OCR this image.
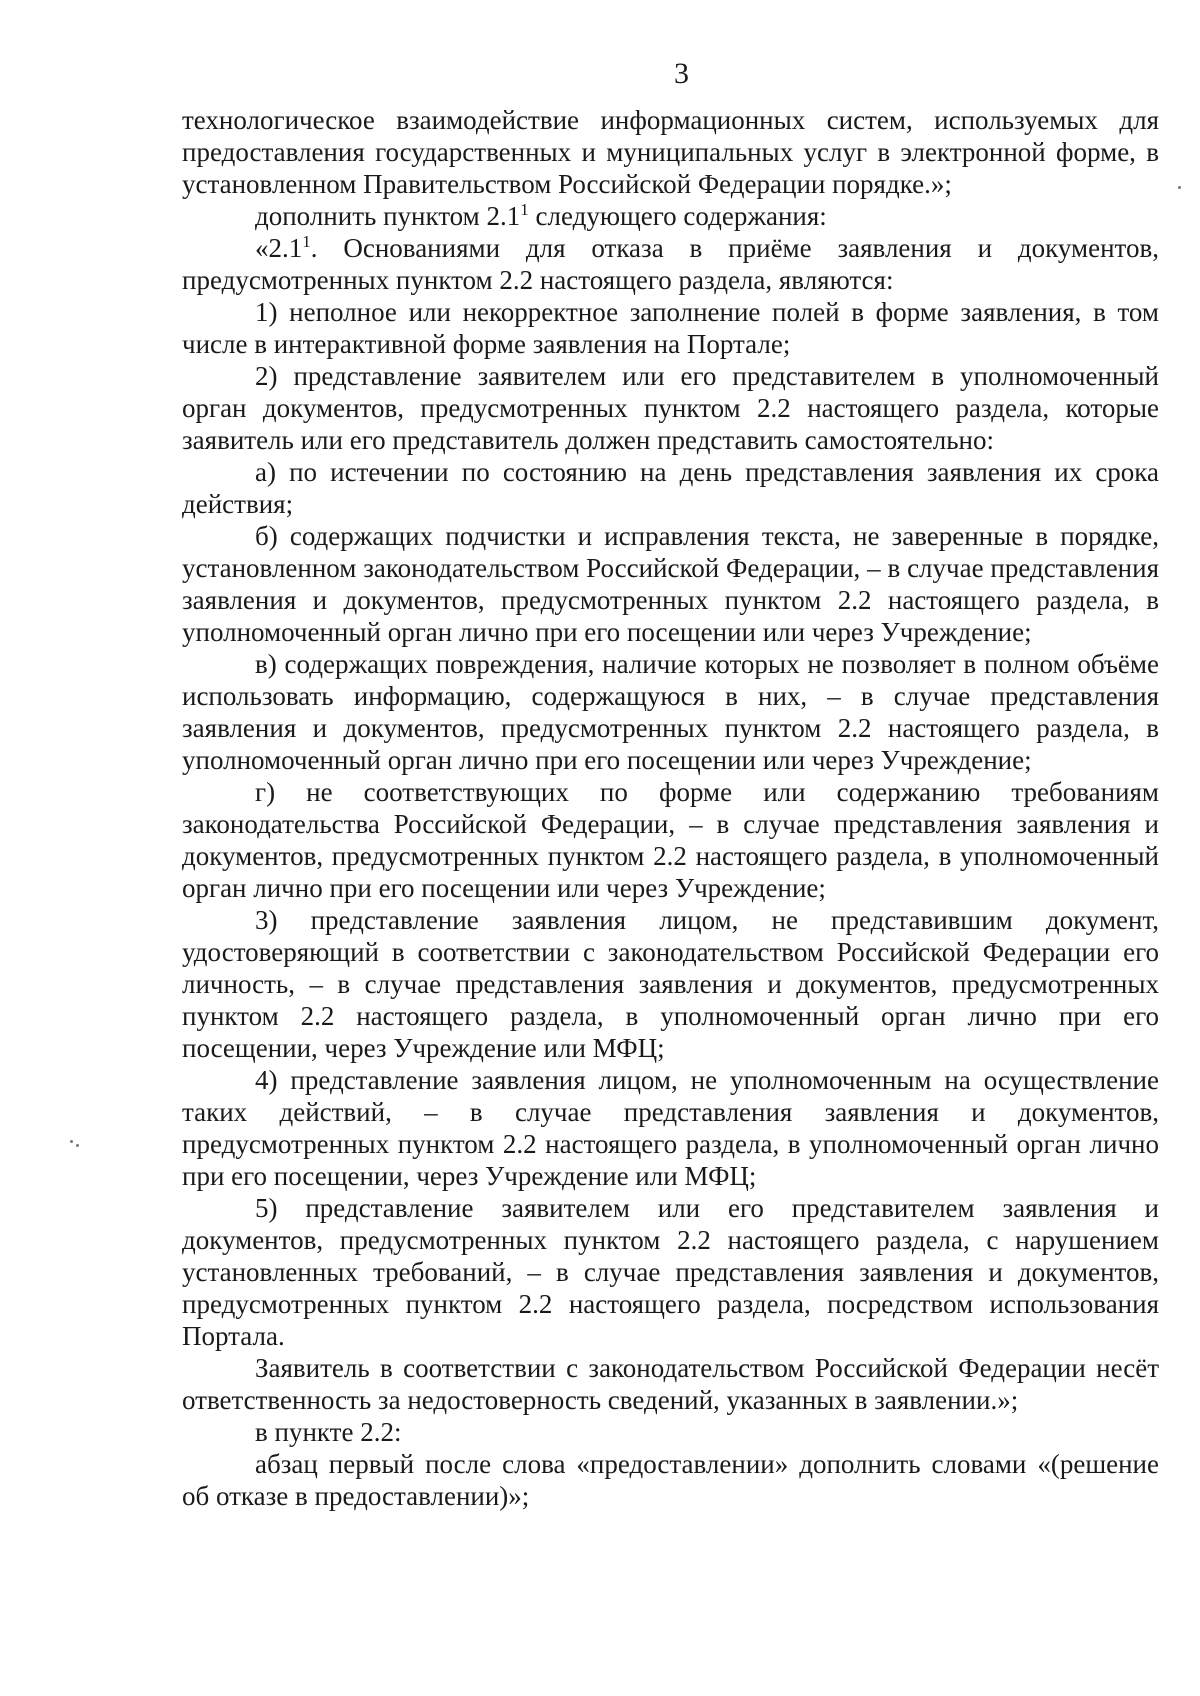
3

технологическое взаимодействие информационных систем, используемых для предоставления государственных и муниципальных услуг в электронной форме, в установленном Правительством Российской Федерации порядке.»;

дополнить пунктом $2.1^1$ следующего содержания:

«$2.1^1$. Основаниями для отказа в приёме заявления и документов, предусмотренных пунктом 2.2 настоящего раздела, являются:

1) неполное или некорректное заполнение полей в форме заявления, в том числе в интерактивной форме заявления на Портале;

2) представление заявителем или его представителем в уполномоченный орган документов, предусмотренных пунктом 2.2 настоящего раздела, которые заявитель или его представитель должен представить самостоятельно:

а) по истечении по состоянию на день представления заявления их срока действия;

б) содержащих подчистки и исправления текста, не заверенные в порядке, установленном законодательством Российской Федерации, – в случае представления заявления и документов, предусмотренных пунктом 2.2 настоящего раздела, в уполномоченный орган лично при его посещении или через Учреждение;

в) содержащих повреждения, наличие которых не позволяет в полном объёме использовать информацию, содержащуюся в них, – в случае представления заявления и документов, предусмотренных пунктом 2.2 настоящего раздела, в уполномоченный орган лично при его посещении или через Учреждение;

г) не соответствующих по форме или содержанию требованиям законодательства Российской Федерации, – в случае представления заявления и документов, предусмотренных пунктом 2.2 настоящего раздела, в уполномоченный орган лично при его посещении или через Учреждение;

3) представление заявления лицом, не представившим документ, удостоверяющий в соответствии с законодательством Российской Федерации его личность, – в случае представления заявления и документов, предусмотренных пунктом 2.2 настоящего раздела, в уполномоченный орган лично при его посещении, через Учреждение или МФЦ;

4) представление заявления лицом, не уполномоченным на осуществление таких действий, – в случае представления заявления и документов, предусмотренных пунктом 2.2 настоящего раздела, в уполномоченный орган лично при его посещении, через Учреждение или МФЦ;

5) представление заявителем или его представителем заявления и документов, предусмотренных пунктом 2.2 настоящего раздела, с нарушением установленных требований, – в случае представления заявления и документов, предусмотренных пунктом 2.2 настоящего раздела, посредством использования Портала.

Заявитель в соответствии с законодательством Российской Федерации несёт ответственность за недостоверность сведений, указанных в заявлении.»;

в пункте 2.2:

абзац первый после слова «предоставлении» дополнить словами «(решение об отказе в предоставлении)»;
